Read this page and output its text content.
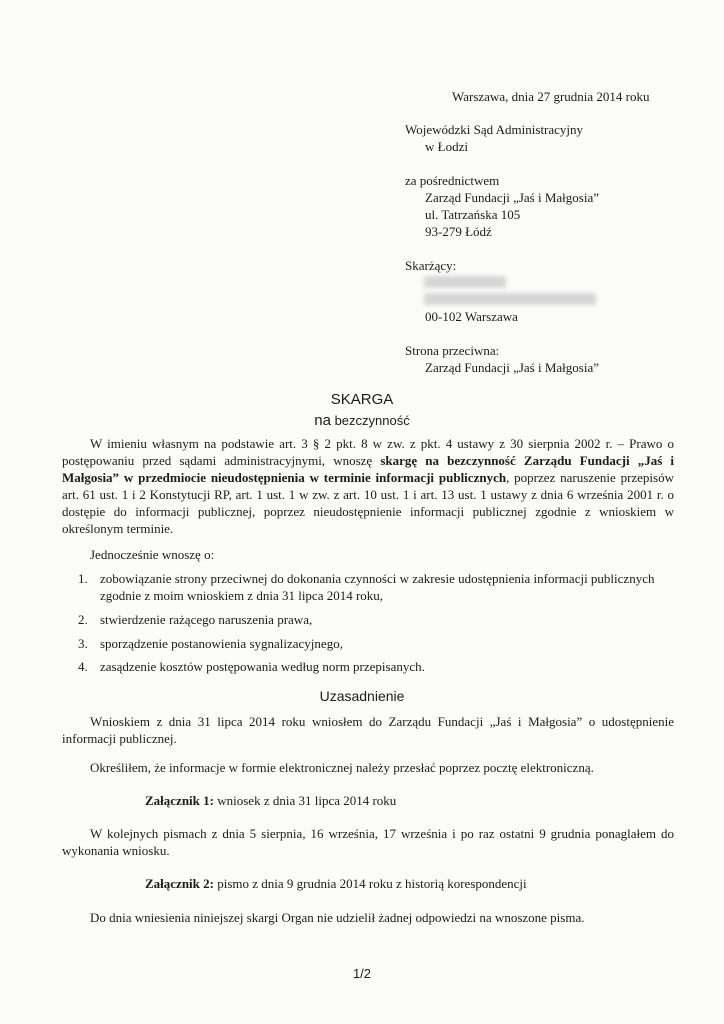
Warszawa, dnia 27 grudnia 2014 roku
Wojewódzki Sąd Administracyjny
w Łodzi
za pośrednictwem
Zarząd Fundacji „Jaś i Małgosia”
ul. Tatrzańska 105
93-279 Łódź
Skarżący:
00-102 Warszawa
Strona przeciwna:
Zarząd Fundacji „Jaś i Małgosia”
SKARGA
na bezczynność
W imieniu własnym na podstawie art. 3 § 2 pkt. 8 w zw. z pkt. 4 ustawy z 30 sierpnia 2002 r. – Prawo o postępowaniu przed sądami administracyjnymi, wnoszę skargę na bezczynność Zarządu Fundacji „Jaś i Małgosia” w przedmiocie nieudostępnienia w terminie informacji publicznych, poprzez naruszenie przepisów art. 61 ust. 1 i 2 Konstytucji RP, art. 1 ust. 1 w zw. z art. 10 ust. 1 i art. 13 ust. 1 ustawy z dnia 6 września 2001 r. o dostępie do informacji publicznej, poprzez nieudostępnienie informacji publicznej zgodnie z wnioskiem w określonym terminie.
Jednocześnie wnoszę o:
1. zobowiązanie strony przeciwnej do dokonania czynności w zakresie udostępnienia informacji publicznych zgodnie z moim wnioskiem z dnia 31 lipca 2014 roku,
2. stwierdzenie rażącego naruszenia prawa,
3. sporządzenie postanowienia sygnalizacyjnego,
4. zasądzenie kosztów postępowania według norm przepisanych.
Uzasadnienie
Wnioskiem z dnia 31 lipca 2014 roku wniosłem do Zarządu Fundacji „Jaś i Małgosia” o udostępnienie informacji publicznej.
Określiłem, że informacje w formie elektronicznej należy przesłać poprzez pocztę elektroniczną.
Załącznik 1: wniosek z dnia 31 lipca 2014 roku
W kolejnych pismach z dnia 5 sierpnia, 16 września, 17 września i po raz ostatni 9 grudnia ponaglałem do wykonania wniosku.
Załącznik 2: pismo z dnia 9 grudnia 2014 roku z historią korespondencji
Do dnia wniesienia niniejszej skargi Organ nie udzielił żadnej odpowiedzi na wnoszone pisma.
1/2
